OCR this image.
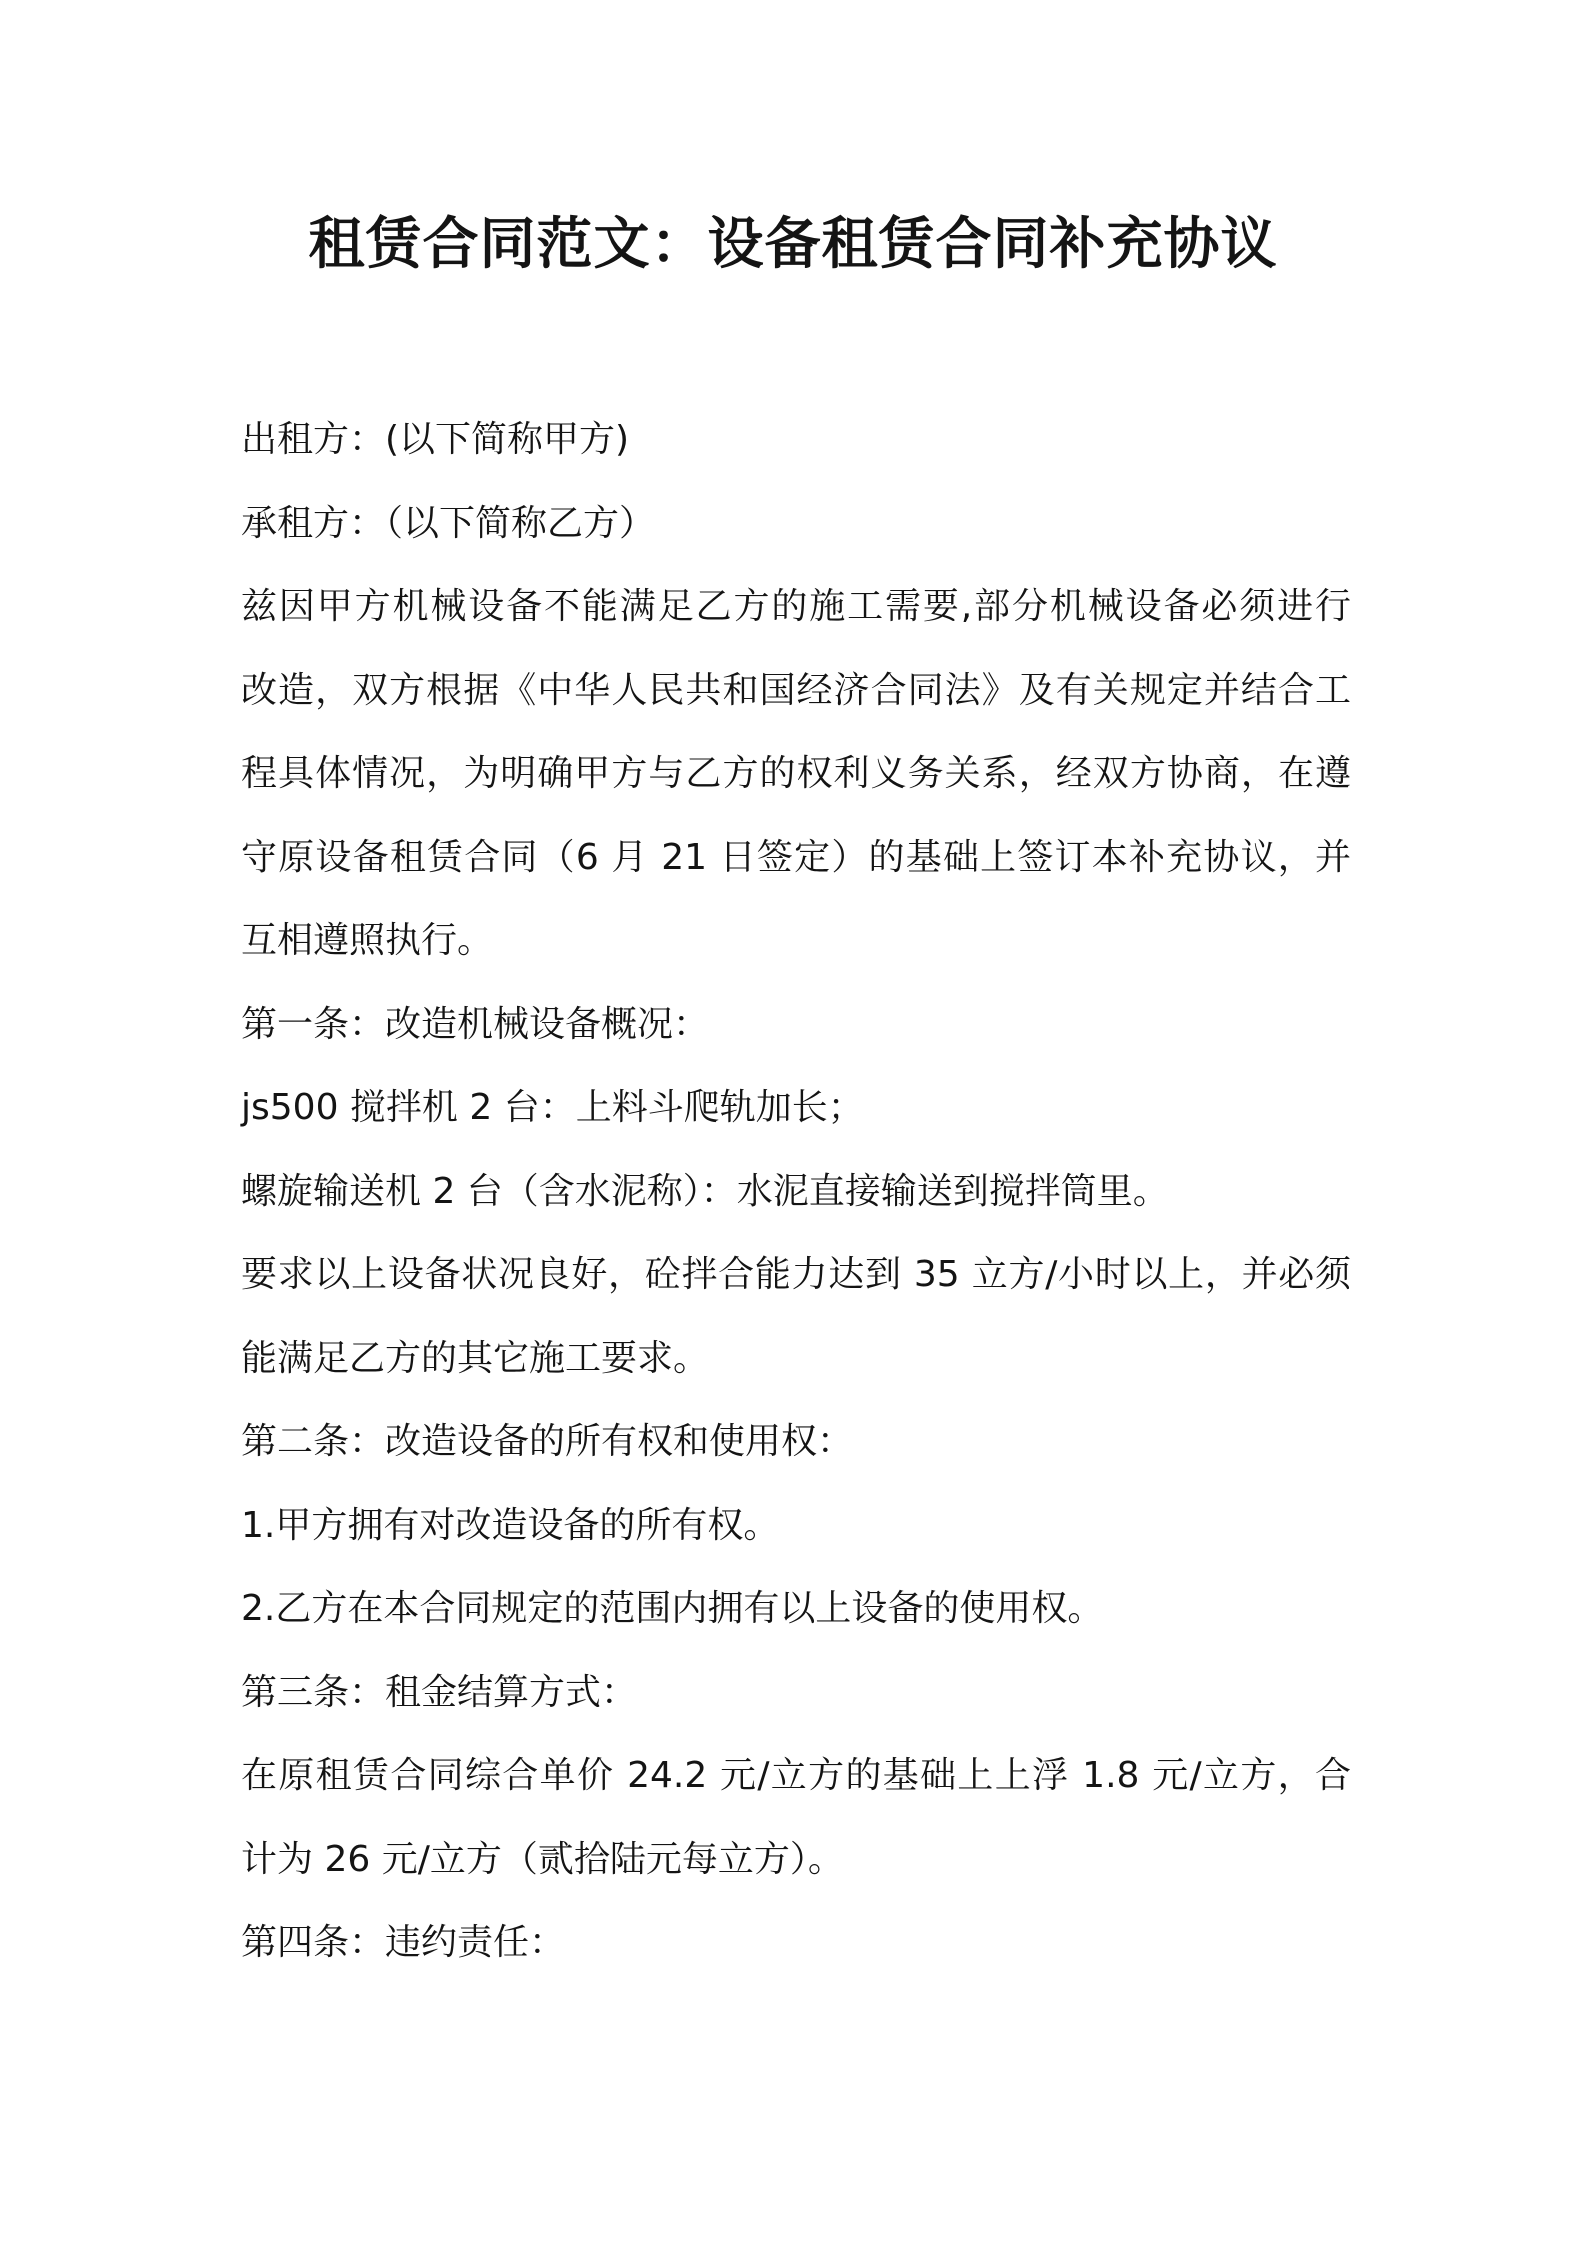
租赁合同范文：设备租赁合同补充协议

出租方：(以下简称甲方)

承租方：（以下简称乙方）

兹因甲方机械设备不能满足乙方的施工需要,部分机械设备必须进行

改造，双方根据《中华人民共和国经济合同法》及有关规定并结合工

程具体情况，为明确甲方与乙方的权利义务关系，经双方协商，在遵

守原设备租赁合同（6 月 21 日签定）的基础上签订本补充协议，并

互相遵照执行。

第一条：改造机械设备概况：

js500 搅拌机 2 台：上料斗爬轨加长；

螺旋输送机 2 台（含水泥称）：水泥直接输送到搅拌筒里。

要求以上设备状况良好，砼拌合能力达到 35 立方/小时以上，并必须

能满足乙方的其它施工要求。

第二条：改造设备的所有权和使用权：

1.甲方拥有对改造设备的所有权。

2.乙方在本合同规定的范围内拥有以上设备的使用权。

第三条：租金结算方式：

在原租赁合同综合单价 24.2 元/立方的基础上上浮 1.8 元/立方，合

计为 26 元/立方（贰拾陆元每立方）。

第四条：违约责任：
